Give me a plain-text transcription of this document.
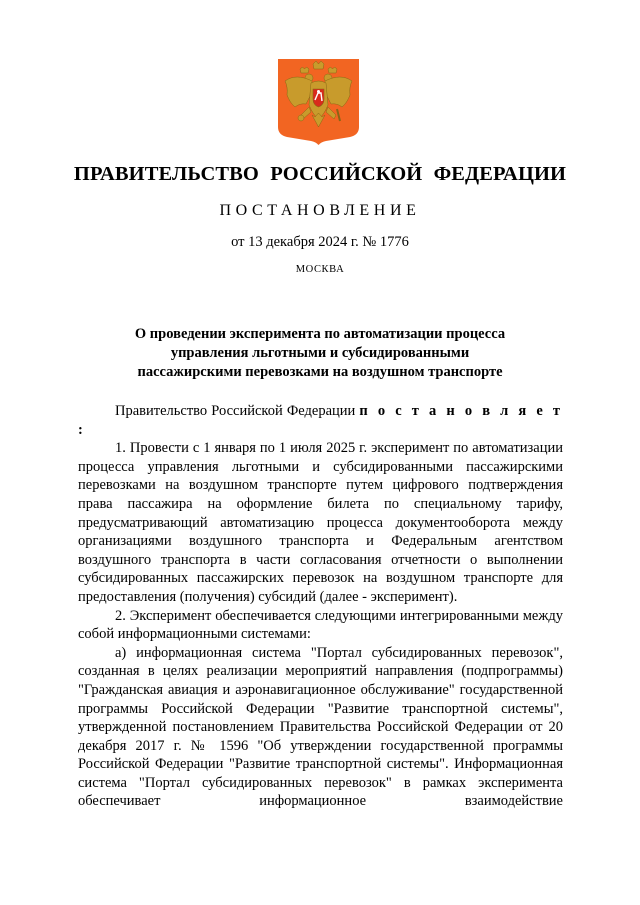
ПРАВИТЕЛЬСТВО РОССИЙСКОЙ ФЕДЕРАЦИИ
ПОСТАНОВЛЕНИЕ
от 13 декабря 2024 г. № 1776
МОСКВА
О проведении эксперимента по автоматизации процесса
управления льготными и субсидированными
пассажирскими перевозками на воздушном транспорте

Правительство Российской Федерации п о с т а н о в л я е т :

1. Провести с 1 января по 1 июля 2025 г. эксперимент по автоматизации процесса управления льготными и субсидированными пассажирскими перевозками на воздушном транспорте путем цифрового подтверждения права пассажира на оформление билета по специальному тарифу, предусматривающий автоматизацию процесса документооборота между организациями воздушного транспорта и Федеральным агентством воздушного транспорта в части согласования отчетности о выполнении субсидированных пассажирских перевозок на воздушном транспорте для предоставления (получения) субсидий (далее - эксперимент).

2. Эксперимент обеспечивается следующими интегрированными между собой информационными системами:

а) информационная система "Портал субсидированных перевозок", созданная в целях реализации мероприятий направления (подпрограммы) "Гражданская авиация и аэронавигационное обслуживание" государственной программы Российской Федерации "Развитие транспортной системы", утвержденной постановлением Правительства Российской Федерации от 20 декабря 2017 г. № 1596 "Об утверждении государственной программы Российской Федерации "Развитие транспортной системы". Информационная система "Портал субсидированных перевозок" в рамках эксперимента обеспечивает информационное взаимодействие
